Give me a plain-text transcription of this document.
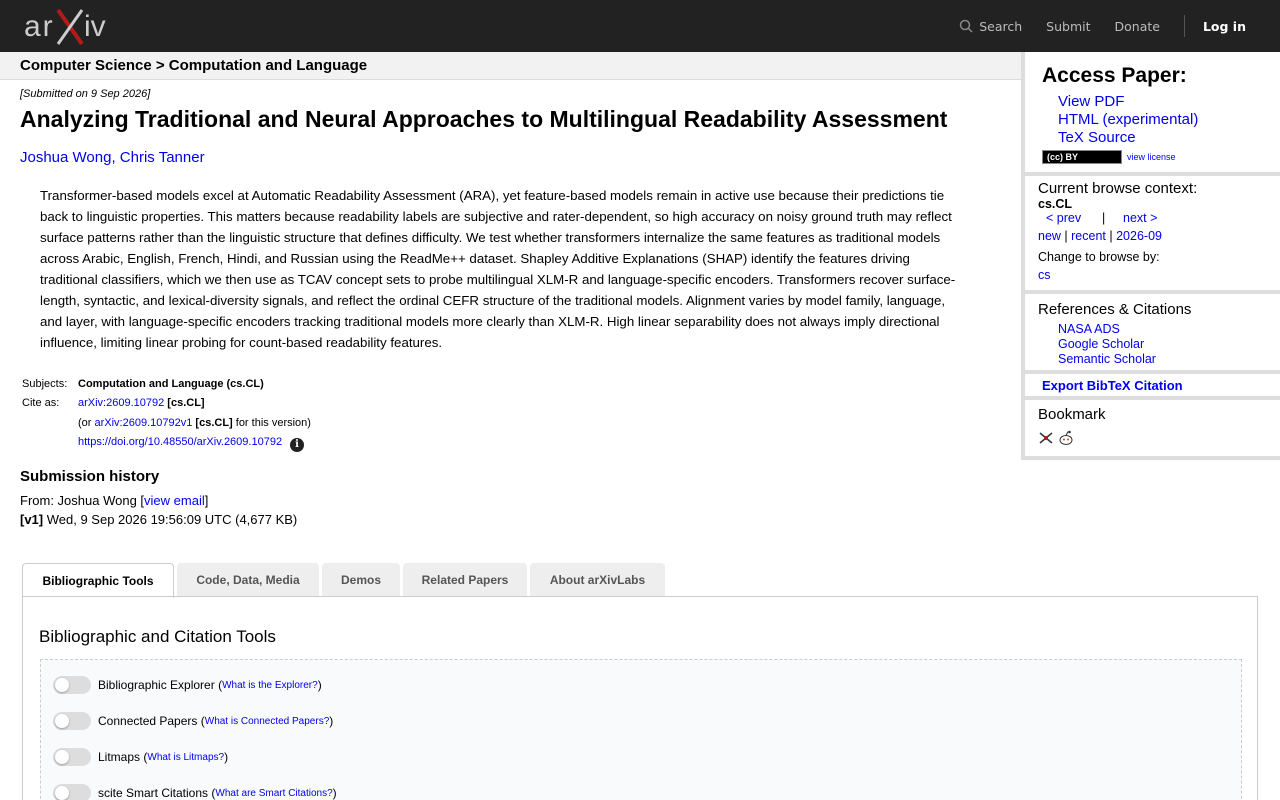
ar iv	Search Submit Donate	Log in
Computer Science > Computation and Language
[Submitted on 9 Sep 2026]
Analyzing Traditional and Neural Approaches to Multilingual Readability Assessment
Joshua Wong, Chris Tanner
Transformer-based models excel at Automatic Readability Assessment (ARA), yet feature-based models remain in active use because their predictions tie
back to linguistic properties. This matters because readability labels are subjective and rater-dependent, so high accuracy on noisy ground truth may reflect
surface patterns rather than the linguistic structure that defines difficulty. We test whether transformers internalize the same features as traditional models
across Arabic, English, French, Hindi, and Russian using the ReadMe++ dataset. Shapley Additive Explanations (SHAP) identify the features driving
traditional classifiers, which we then use as TCAV concept sets to probe multilingual XLM-R and language-specific encoders. Transformers recover surface-
length, syntactic, and lexical-diversity signals, and reflect the ordinal CEFR structure of the traditional models. Alignment varies by model family, language,
and layer, with language-specific encoders tracking traditional models more clearly than XLM-R. High linear separability does not always imply directional
influence, limiting linear probing for count-based readability features.
Subjects: Computation and Language (cs.CL)
Cite as: arXiv:2609.10792 [cs.CL]
(or arXiv:2609.10792v1 [cs.CL] for this version)
https://doi.org/10.48550/arXiv.2609.10792 i
Submission history
From: Joshua Wong [view email]
[v1] Wed, 9 Sep 2026 19:56:09 UTC (4,677 KB)
Bibliographic Tools	Code, Data, Media	Demos	Related Papers	About arXivLabs
Bibliographic and Citation Tools
Bibliographic Explorer ( What is the Explorer? )
Connected Papers ( What is Connected Papers? )
Litmaps ( What is Litmaps? )
scite Smart Citations ( What are Smart Citations? )
Access Paper:
View PDF
HTML (experimental)
TeX Source
(cc) BY	view license
Current browse context:
cs.CL
< prev | next >
new | recent | 2026-09
Change to browse by:
cs
References & Citations
NASA ADS
Google Scholar
Semantic Scholar
Export BibTeX Citation
Bookmark
